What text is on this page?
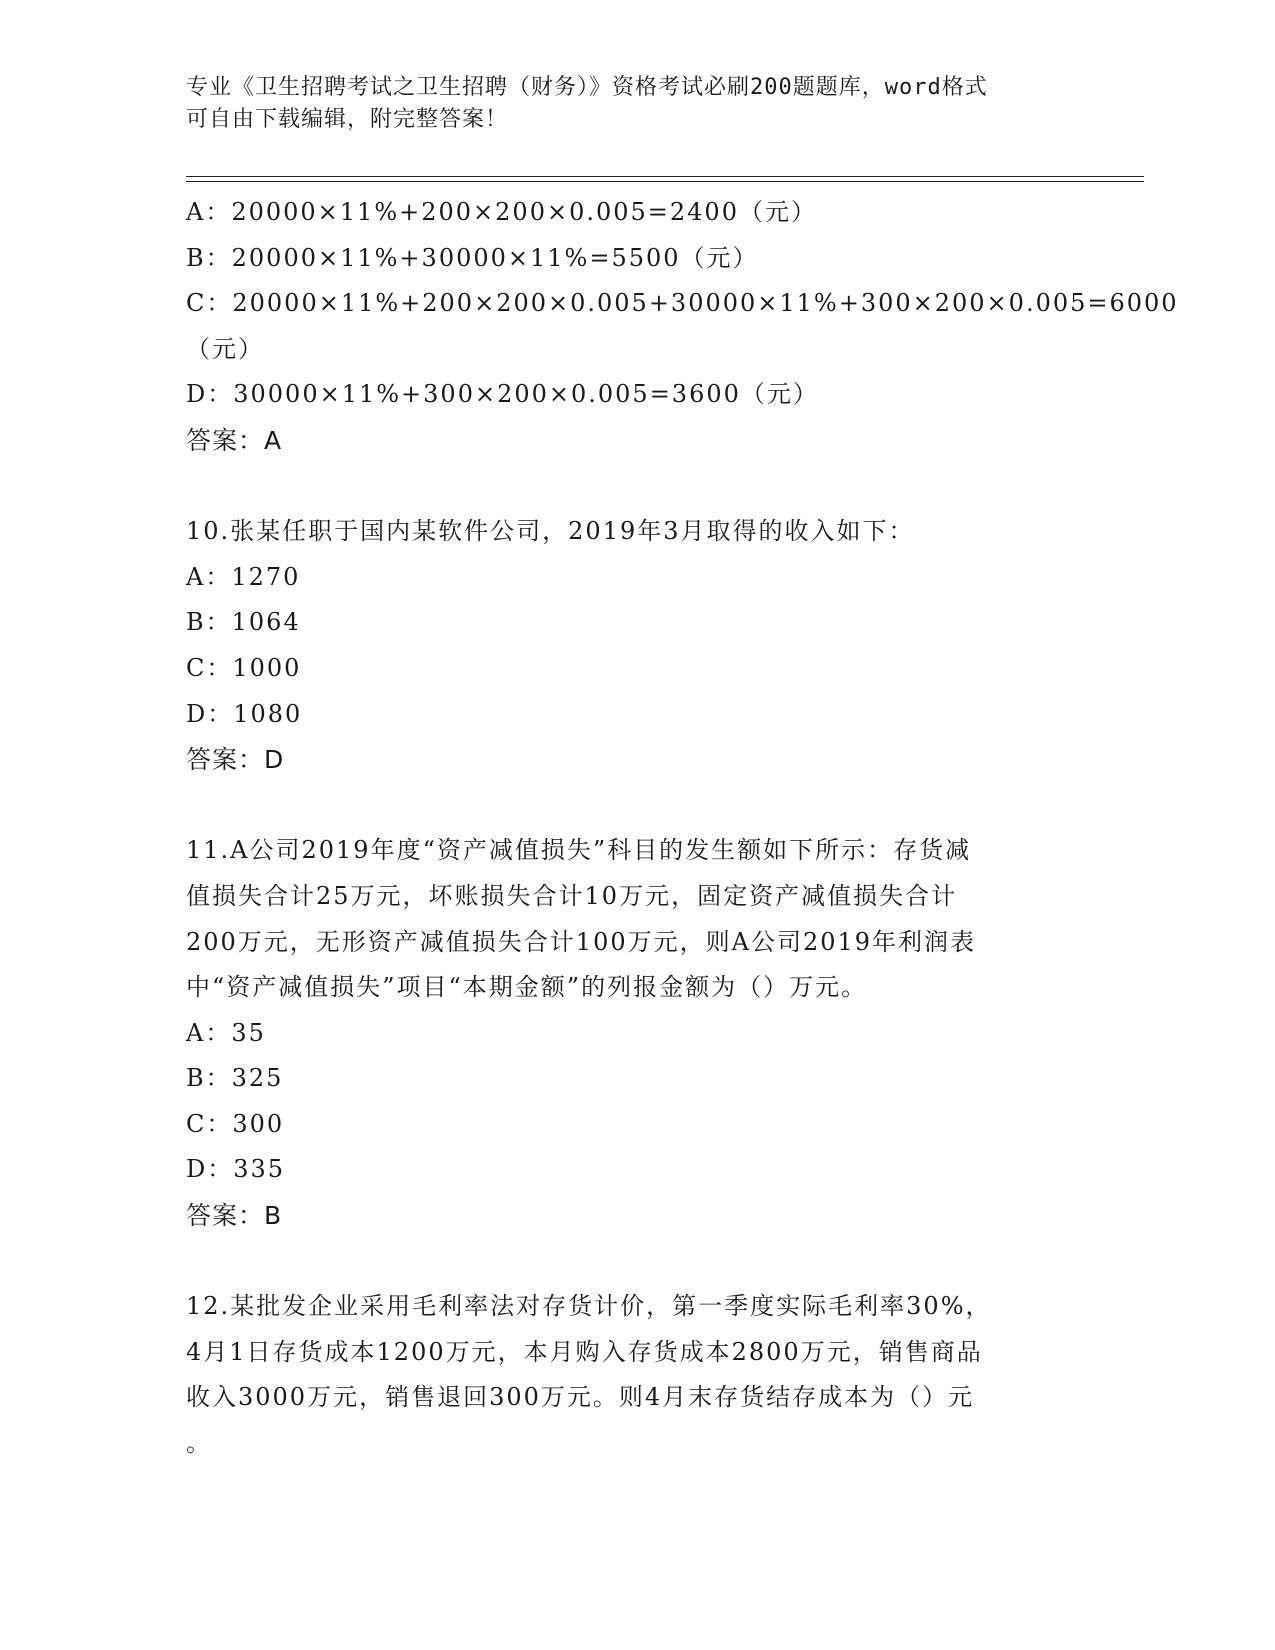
专业《卫生招聘考试之卫生招聘（财务）》资格考试必刷200题题库，word格式
可自由下载编辑，附完整答案！
A：20000×11%+200×200×0.005=2400（元）
B：20000×11%+30000×11%=5500（元）
C：20000×11%+200×200×0.005+30000×11%+300×200×0.005=6000
（元）
D：30000×11%+300×200×0.005=3600（元）
答案：A
10.张某任职于国内某软件公司，2019年3月取得的收入如下：
A：1270
B：1064
C：1000
D：1080
答案：D
11.A公司2019年度“资产减值损失”科目的发生额如下所示：存货减
值损失合计25万元，坏账损失合计10万元，固定资产减值损失合计
200万元，无形资产减值损失合计100万元，则A公司2019年利润表
中“资产减值损失”项目“本期金额”的列报金额为（）万元。
A：35
B：325
C：300
D：335
答案：B
12.某批发企业采用毛利率法对存货计价，第一季度实际毛利率30%，
4月1日存货成本1200万元，本月购入存货成本2800万元，销售商品
收入3000万元，销售退回300万元。则4月末存货结存成本为（）元
。
